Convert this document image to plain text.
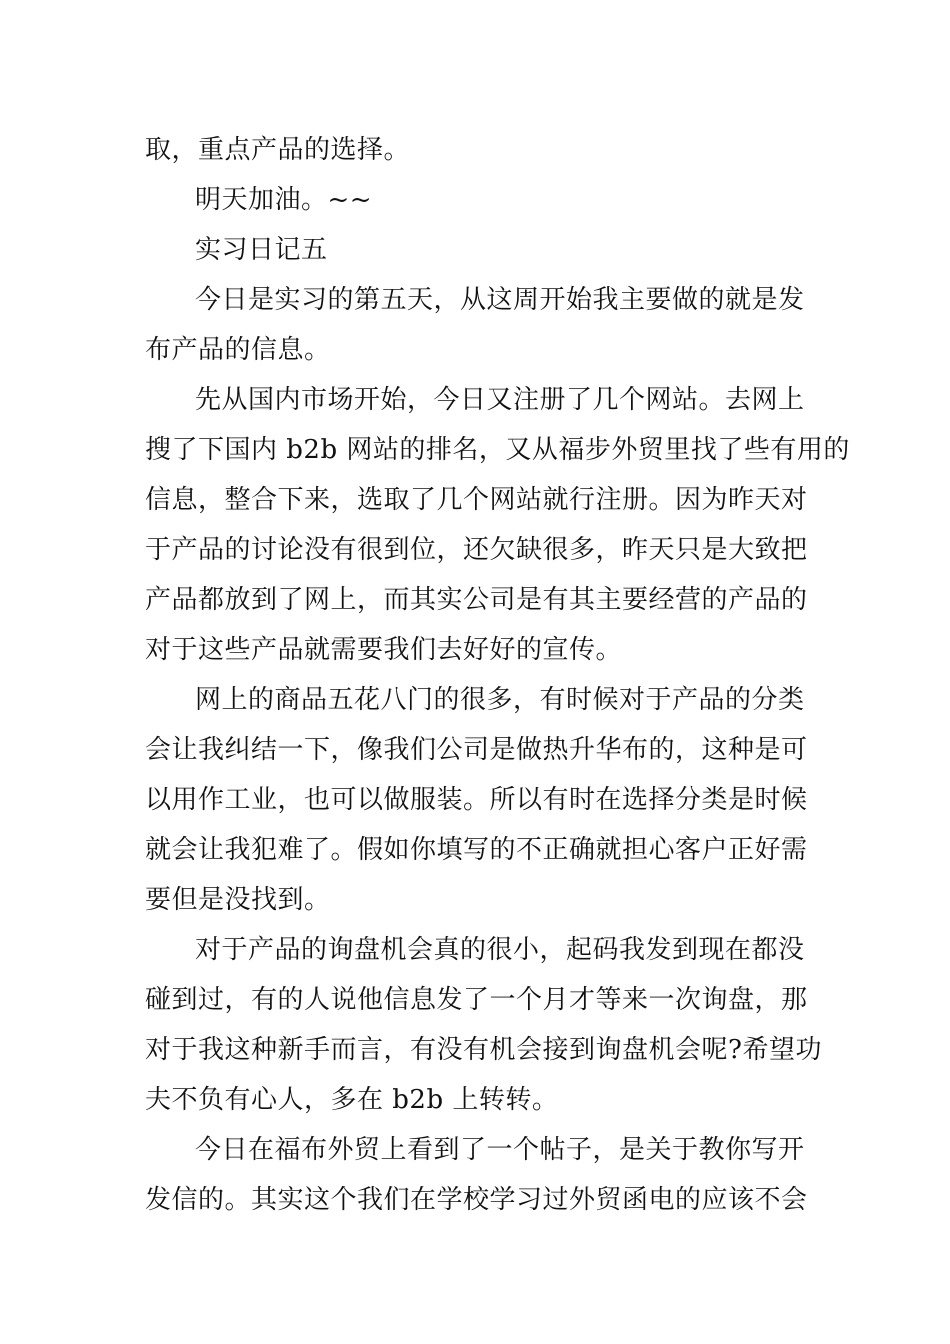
取，重点产品的选择。
明天加油。~~
实习日记五
今日是实习的第五天，从这周开始我主要做的就是发
布产品的信息。
先从国内市场开始，今日又注册了几个网站。去网上
搜了下国内 b2b 网站的排名，又从福步外贸里找了些有用的
信息，整合下来，选取了几个网站就行注册。因为昨天对
于产品的讨论没有很到位，还欠缺很多，昨天只是大致把
产品都放到了网上，而其实公司是有其主要经营的产品的
对于这些产品就需要我们去好好的宣传。
网上的商品五花八门的很多，有时候对于产品的分类
会让我纠结一下，像我们公司是做热升华布的，这种是可
以用作工业，也可以做服装。所以有时在选择分类是时候
就会让我犯难了。假如你填写的不正确就担心客户正好需
要但是没找到。
对于产品的询盘机会真的很小，起码我发到现在都没
碰到过，有的人说他信息发了一个月才等来一次询盘，那
对于我这种新手而言，有没有机会接到询盘机会呢?希望功
夫不负有心人，多在 b2b 上转转。
今日在福布外贸上看到了一个帖子，是关于教你写开
发信的。其实这个我们在学校学习过外贸函电的应该不会
